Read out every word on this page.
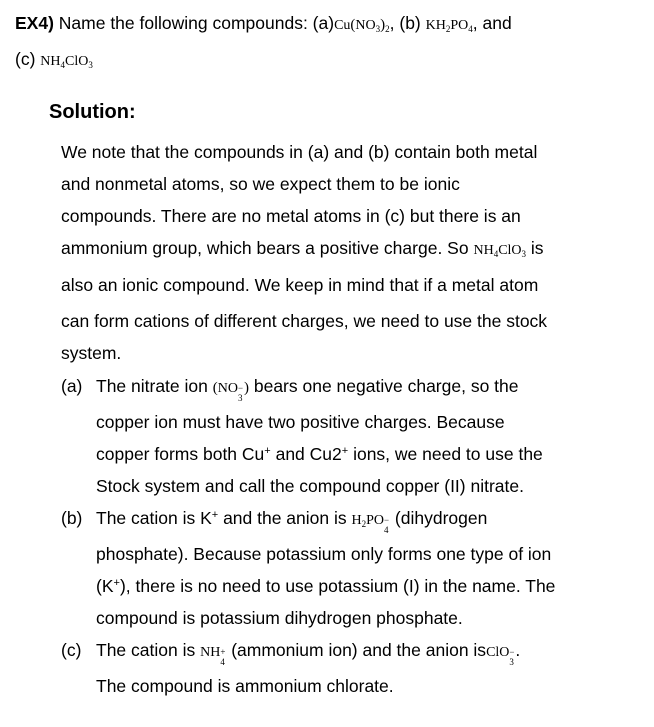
EX4) Name the following compounds: $(a)Cu(NO_3)_2$, (b) $KH_2PO_4$, and
(c) $NH_4ClO_3$
Solution:
We note that the compounds in (a) and (b) contain both metal
and nonmetal atoms, so we expect them to be ionic
compounds. There are no metal atoms in (c) but there is an
ammonium group, which bears a positive charge. So $NH_4ClO_3$ is
also an ionic compound. We keep in mind that if a metal atom
can form cations of different charges, we need to use the stock
system.
(a) The nitrate ion (NO −
3
) bears one negative charge, so the
copper ion must have two positive charges. Because
copper forms both Cu+ and Cu2+ ions, we need to use the
Stock system and call the compound copper (II) nitrate.
(b) The cation is K+ and the anion is $H_2PO$ −
4
(dihydrogen
phosphate). Because potassium only forms one type of ion
(K+), there is no need to use potassium (I) in the name. The
compound is potassium dihydrogen phosphate.
(c) The cation is NH +
4
(ammonium ion) and the anion isClO −
3
.
The compound is ammonium chlorate.
